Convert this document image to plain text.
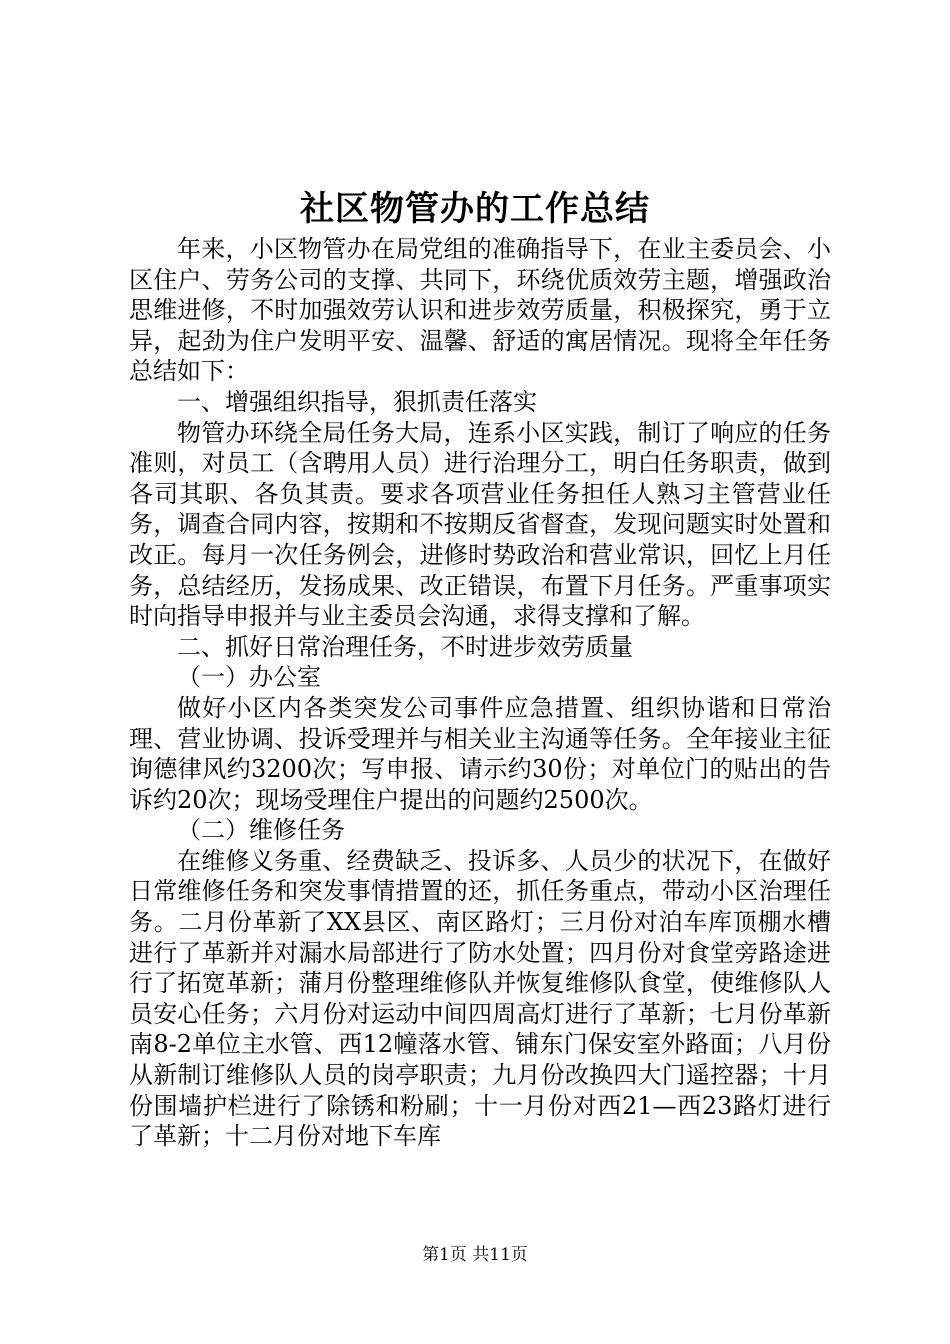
社区物管办的工作总结

年来，小区物管办在局党组的准确指导下，在业主委员会、小区住户、劳务公司的支撑、共同下，环绕优质效劳主题，增强政治思维进修，不时加强效劳认识和进步效劳质量，积极探究，勇于立异，起劲为住户发明平安、温馨、舒适的寓居情况。现将全年任务总结如下：

一、增强组织指导，狠抓责任落实

物管办环绕全局任务大局，连系小区实践，制订了响应的任务准则，对员工（含聘用人员）进行治理分工，明白任务职责，做到各司其职、各负其责。要求各项营业任务担任人熟习主管营业任务，调查合同内容，按期和不按期反省督查，发现问题实时处置和改正。每月一次任务例会，进修时势政治和营业常识，回忆上月任务，总结经历，发扬成果、改正错误，布置下月任务。严重事项实时向指导申报并与业主委员会沟通，求得支撑和了解。

二、抓好日常治理任务，不时进步效劳质量

（一）办公室

做好小区内各类突发公司事件应急措置、组织协谐和日常治理、营业协调、投诉受理并与相关业主沟通等任务。全年接业主征询德律风约3200次；写申报、请示约30份；对单位门的贴出的告诉约20次；现场受理住户提出的问题约2500次。

（二）维修任务

在维修义务重、经费缺乏、投诉多、人员少的状况下，在做好日常维修任务和突发事情措置的还，抓任务重点，带动小区治理任务。二月份革新了XX县区、南区路灯；三月份对泊车库顶棚水槽进行了革新并对漏水局部进行了防水处置；四月份对食堂旁路途进行了拓宽革新；蒲月份整理维修队并恢复维修队食堂，使维修队人员安心任务；六月份对运动中间四周高灯进行了革新；七月份革新南8-2单位主水管、西12幢落水管、铺东门保安室外路面；八月份从新制订维修队人员的岗亭职责；九月份改换四大门遥控器；十月份围墙护栏进行了除锈和粉刷；十一月份对西21—西23路灯进行了革新；十二月份对地下车库

第1页 共11页
